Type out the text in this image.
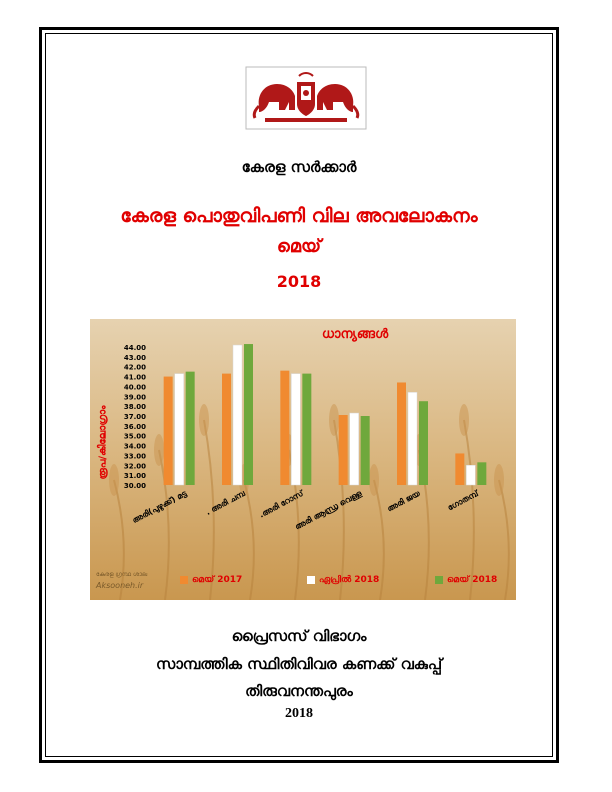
കേരള സർക്കാർ
കേരള പൊതുവിപണി വില അവലോകനം
മെയ്
2018
30.00
31.00
32.00
33.00
34.00
35.00
36.00
37.00
38.00
39.00
40.00
41.00
42.00
43.00
44.00
അരി(പുഴുക്ക്) മട്ട . അരി ചമ്പ .അരി റോസ്
അരി ആന്ധ്ര വെള്ള	അരി ജയ	ഗോതമ്പ്
ധാന്യങ്ങൾ
രൂപ/കിലോഗ്രാം
കേരള ഗ്രന്ഥ ശാല
Aksooneh.ir
മെയ് 2017	ഏപ്രിൽ 2018	മെയ് 2018
പ്രൈസസ് വിഭാഗം
സാമ്പത്തിക സ്ഥിതിവിവര കണക്ക് വകുപ്പ്
തിരുവനന്തപുരം
2018
